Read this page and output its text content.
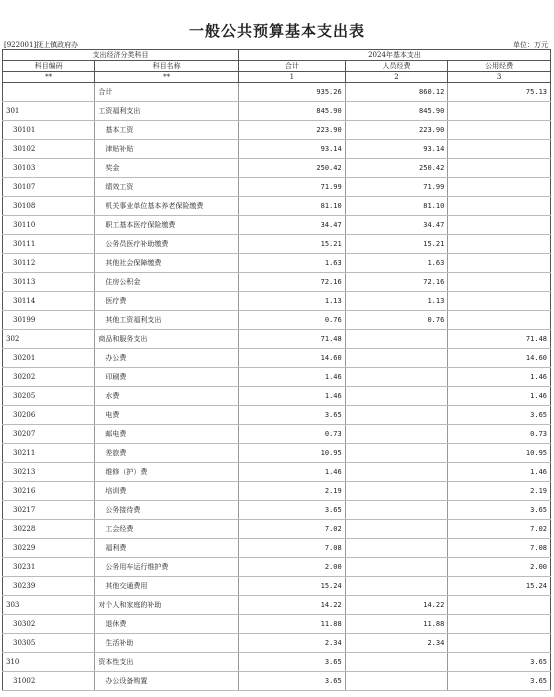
一般公共预算基本支出表
[922001]抚上镇政府办	单位：万元
支出经济分类科目		2024年基本支出		
科目编码	科目名称	合计	人员经费	公用经费
**	**	1	2	3
	合计	935.26	860.12	75.13
301	工资福利支出	845.90	845.90	
30101	基本工资	223.90	223.90	
30102	津贴补贴	93.14	93.14	
30103	奖金	250.42	250.42	
30107	绩效工资	71.99	71.99	
30108	机关事业单位基本养老保险缴费	81.10	81.10	
30110	职工基本医疗保险缴费	34.47	34.47	
30111	公务员医疗补助缴费	15.21	15.21	
30112	其他社会保障缴费	1.63	1.63	
30113	住房公积金	72.16	72.16	
30114	医疗费	1.13	1.13	
30199	其他工资福利支出	0.76	0.76	
302	商品和服务支出	71.48		71.48
30201	办公费	14.60		14.60
30202	印刷费	1.46		1.46
30205	水费	1.46		1.46
30206	电费	3.65		3.65
30207	邮电费	0.73		0.73
30211	差旅费	10.95		10.95
30213	维修（护）费	1.46		1.46
30216	培训费	2.19		2.19
30217	公务接待费	3.65		3.65
30228	工会经费	7.02		7.02
30229	福利费	7.08		7.08
30231	公务用车运行维护费	2.00		2.00
30239	其他交通费用	15.24		15.24
303	对个人和家庭的补助	14.22	14.22	
30302	退休费	11.88	11.88	
30305	生活补助	2.34	2.34	
310	资本性支出	3.65		3.65
31002	办公设备购置	3.65		3.65
